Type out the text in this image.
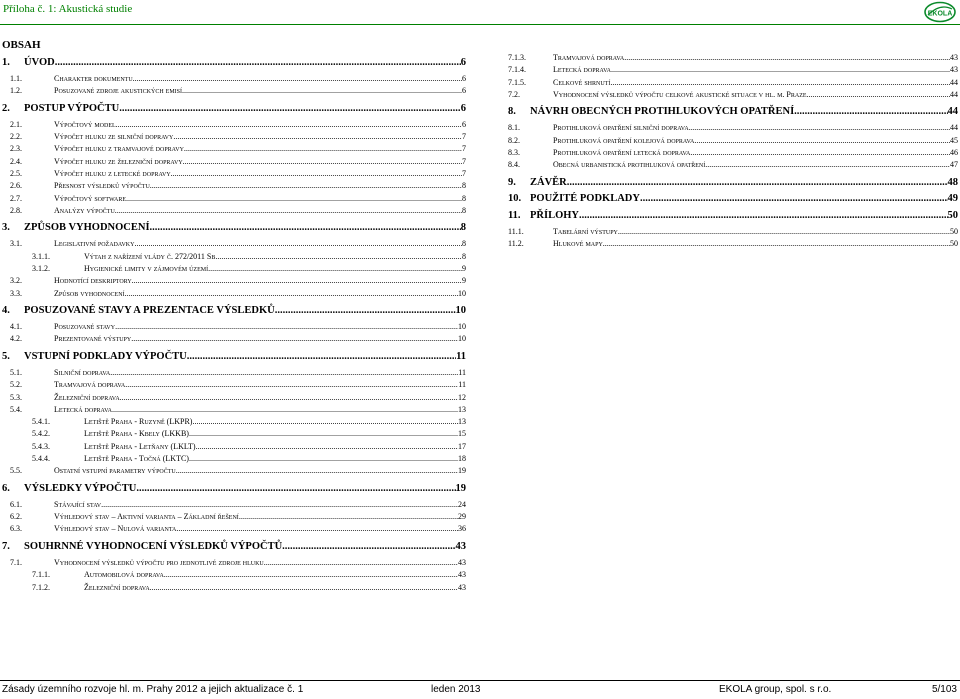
Příloha č. 1: Akustická studie	EKOLA
OBSAH
1.	ÚVOD .....	6
1.1.	Charakter dokumentu .....	6
1.2.	Posuzované zdroje akustických emisí .....	6
2.	POSTUP VÝPOČTU .....	6
2.1.	Výpočtový model .....	6
2.2.	Výpočet hluku ze silniční dopravy .....	7
2.3.	Výpočet hluku z tramvajové dopravy .....	7
2.4.	Výpočet hluku ze železniční dopravy .....	7
2.5.	Výpočet hluku z letecké dopravy .....	7
2.6.	Přesnost výsledků výpočtu .....	8
2.7.	Výpočtový software .....	8
2.8.	Analýzy výpočtu .....	8
3.	ZPŮSOB VYHODNOCENÍ .....	8
3.1.	Legislativní požadavky .....	8
3.1.1.	Výtah z nařízení vlády č. 272/2011 Sb. .....	8
3.1.2.	Hygienické limity v zájmovém území .....	9
3.2.	Hodnotící deskriptory .....	9
3.3.	Způsob vyhodnocení .....	10
4.	POSUZOVANÉ STAVY A PREZENTACE VÝSLEDKŮ .....	10
4.1.	Posuzované stavy .....	10
4.2.	Prezentované výstupy .....	10
5.	VSTUPNÍ PODKLADY VÝPOČTU .....	11
5.1.	Silniční doprava .....	11
5.2.	Tramvajová doprava .....	11
5.3.	Železniční doprava .....	12
5.4.	Letecká doprava .....	13
5.4.1.	Letiště Praha - Ruzyně (LKPR) .....	13
5.4.2.	Letiště Praha - Kbely (LKKB) .....	15
5.4.3.	Letiště Praha - Letňany (LKLT) .....	17
5.4.4.	Letiště Praha - Točná (LKTC) .....	18
5.5.	Ostatní vstupní parametry výpočtu .....	19
6.	VÝSLEDKY VÝPOČTU .....	19
6.1.	Stávající stav .....	24
6.2.	Výhledový stav – Aktivní varianta – Základní řešení .....	29
6.3.	Výhledový stav – Nulová varianta .....	36
7.	SOUHRNNÉ VYHODNOCENÍ VÝSLEDKŮ VÝPOČTŮ .....	43
7.1.	Vyhodnocení výsledků výpočtu pro jednotlivé zdroje hluku .....	43
7.1.1.	Automobilová doprava .....	43
7.1.2.	Železniční doprava .....	43
7.1.3.	Tramvajová doprava .....	43
7.1.4.	Letecká doprava .....	43
7.1.5.	Celkové shrnutí .....	44
7.2.	Vyhodnocení výsledků výpočtu celkové akustické situace v hl. m. Praze .....	44
8.	NÁVRH OBECNÝCH PROTIHLUKOVÝCH OPATŘENÍ .....	44
8.1.	Protihluková opatření silniční doprava .....	44
8.2.	Protihluková opatření kolejová doprava .....	45
8.3.	Protihluková opatření letecká doprava .....	46
8.4.	Obecná urbanistická protihluková opatření .....	47
9.	ZÁVĚR .....	48
10. POUŽITÉ PODKLADY .....	49
11. PŘÍLOHY .....	50
11.1.	Tabelární výstupy .....	50
11.2.	Hlukové mapy .....	50
Zásady územního rozvoje hl. m. Prahy 2012 a jejich aktualizace č. 1	leden 2013	EKOLA group, spol. s r.o.	5/103
